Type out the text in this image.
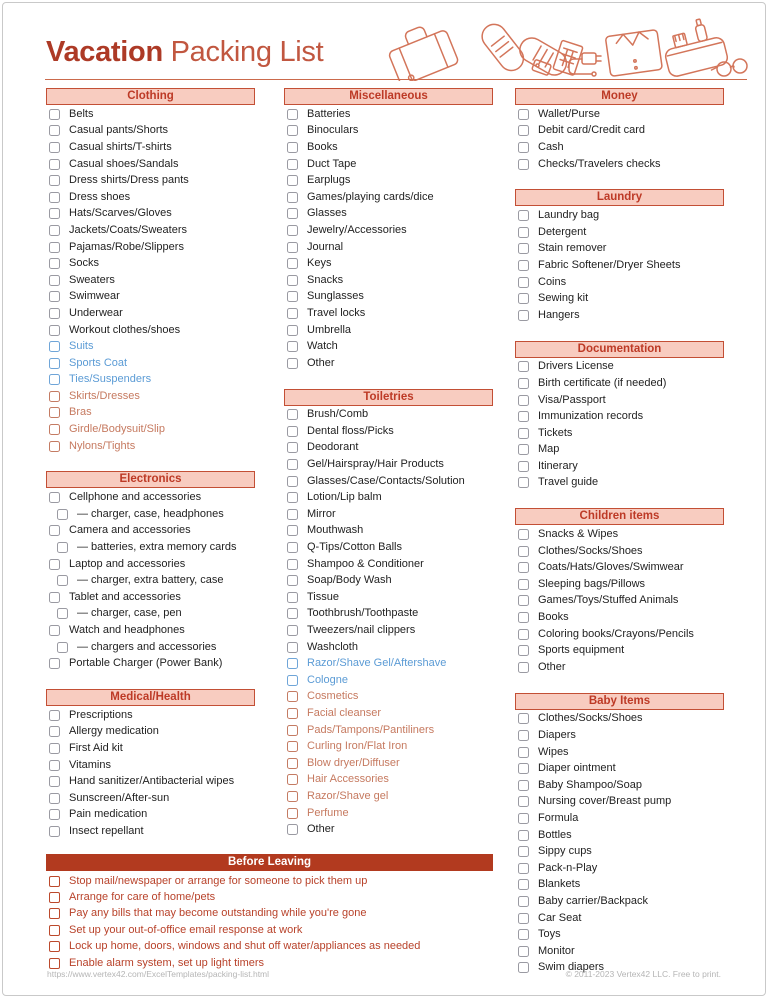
Vacation Packing List
Clothing
Belts
Casual pants/Shorts
Casual shirts/T-shirts
Casual shoes/Sandals
Dress shirts/Dress pants
Dress shoes
Hats/Scarves/Gloves
Jackets/Coats/Sweaters
Pajamas/Robe/Slippers
Socks
Sweaters
Swimwear
Underwear
Workout clothes/shoes
Suits
Sports Coat
Ties/Suspenders
Skirts/Dresses
Bras
Girdle/Bodysuit/Slip
Nylons/Tights
Electronics
Cellphone and accessories
— charger, case, headphones
Camera and accessories
— batteries, extra memory cards
Laptop and accessories
— charger, extra battery, case
Tablet and accessories
— charger, case, pen
Watch and headphones
— chargers and accessories
Portable Charger (Power Bank)
Medical/Health
Prescriptions
Allergy medication
First Aid kit
Vitamins
Hand sanitizer/Antibacterial wipes
Sunscreen/After-sun
Pain medication
Insect repellant
Miscellaneous
Batteries
Binoculars
Books
Duct Tape
Earplugs
Games/playing cards/dice
Glasses
Jewelry/Accessories
Journal
Keys
Snacks
Sunglasses
Travel locks
Umbrella
Watch
Other
Toiletries
Brush/Comb
Dental floss/Picks
Deodorant
Gel/Hairspray/Hair Products
Glasses/Case/Contacts/Solution
Lotion/Lip balm
Mirror
Mouthwash
Q-Tips/Cotton Balls
Shampoo & Conditioner
Soap/Body Wash
Tissue
Toothbrush/Toothpaste
Tweezers/nail clippers
Washcloth
Razor/Shave Gel/Aftershave
Cologne
Cosmetics
Facial cleanser
Pads/Tampons/Pantiliners
Curling Iron/Flat Iron
Blow dryer/Diffuser
Hair Accessories
Razor/Shave gel
Perfume
Other
Money
Wallet/Purse
Debit card/Credit card
Cash
Checks/Travelers checks
Laundry
Laundry bag
Detergent
Stain remover
Fabric Softener/Dryer Sheets
Coins
Sewing kit
Hangers
Documentation
Drivers License
Birth certificate (if needed)
Visa/Passport
Immunization records
Tickets
Map
Itinerary
Travel guide
Children items
Snacks & Wipes
Clothes/Socks/Shoes
Coats/Hats/Gloves/Swimwear
Sleeping bags/Pillows
Games/Toys/Stuffed Animals
Books
Coloring books/Crayons/Pencils
Sports equipment
Other
Baby Items
Clothes/Socks/Shoes
Diapers
Wipes
Diaper ointment
Baby Shampoo/Soap
Nursing cover/Breast pump
Formula
Bottles
Sippy cups
Pack-n-Play
Blankets
Baby carrier/Backpack
Car Seat
Toys
Monitor
Swim diapers
Before Leaving
Stop mail/newspaper or arrange for someone to pick them up
Arrange for care of home/pets
Pay any bills that may become outstanding while you're gone
Set up your out-of-office email response at work
Lock up home, doors, windows and shut off water/appliances as needed
Enable alarm system, set up light timers
https://www.vertex42.com/ExcelTemplates/packing-list.html	© 2011-2023 Vertex42 LLC. Free to print.
